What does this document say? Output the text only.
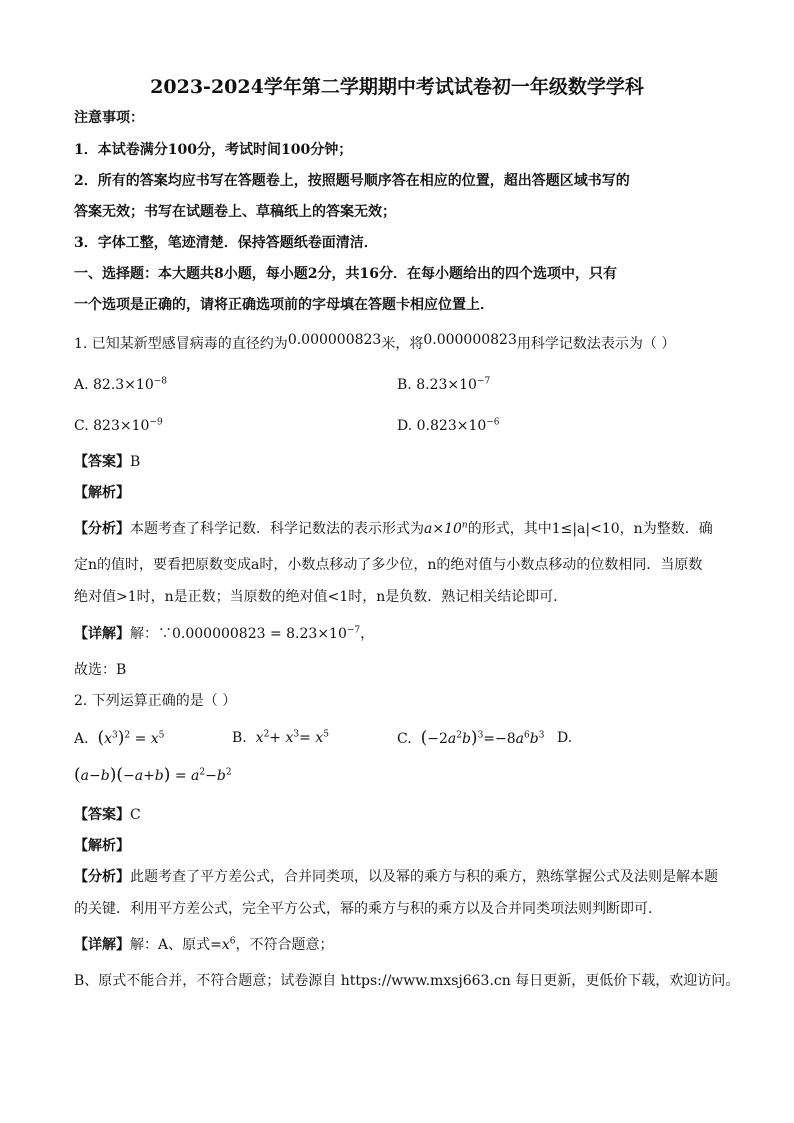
2023-2024学年第二学期期中考试试卷初一年级数学学科
注意事项：
1．本试卷满分100分，考试时间100分钟；
2．所有的答案均应书写在答题卷上，按照题号顺序答在相应的位置，超出答题区域书写的
答案无效；书写在试题卷上、草稿纸上的答案无效；
3．字体工整，笔迹清楚．保持答题纸卷面清洁．
一、选择题：本大题共8小题，每小题2分，共16分．在每小题给出的四个选项中，只有
一个选项是正确的，请将正确选项前的字母填在答题卡相应位置上．
1. 已知某新型感冒病毒的直径约为0.000000823米，将0.000000823用科学记数法表示为（ ）
A. $82.3\times 10^{-8}$	B. $8.23\times 10^{-7}$
C. $823\times 10^{-9}$	D. $0.823\times 10^{-6}$
【答案】B
【解析】
【分析】本题考查了科学记数．科学记数法的表示形式为$a\times 10^n$的形式，其中1≤|a|<10，n为整数．确
定n的值时，要看把原数变成a时，小数点移动了多少位，n的绝对值与小数点移动的位数相同．当原数
绝对值>1时，n是正数；当原数的绝对值<1时，n是负数．熟记相关结论即可．
【详解】解：∵0.000000823 = $8.23\times 10^{-7}$，
故选：B
2. 下列运算正确的是（ ）
A. $(x^3)^2 = x^5$	B. $x^2+ x^3= x^5$	C. $(-2a^2b)^3=-8a^6b^3$ D.
$(a-b)(-a+b) = a^2-b^2$
【答案】C
【解析】
【分析】此题考查了平方差公式，合并同类项，以及幂的乘方与积的乘方，熟练掌握公式及法则是解本题
的关键．利用平方差公式，完全平方公式，幂的乘方与积的乘方以及合并同类项法则判断即可．
【详解】解：A、原式$=x^6$，不符合题意；
B、原式不能合并，不符合题意；试卷源自 https://www.mxsj663.cn 每日更新，更低价下载，欢迎访问。
